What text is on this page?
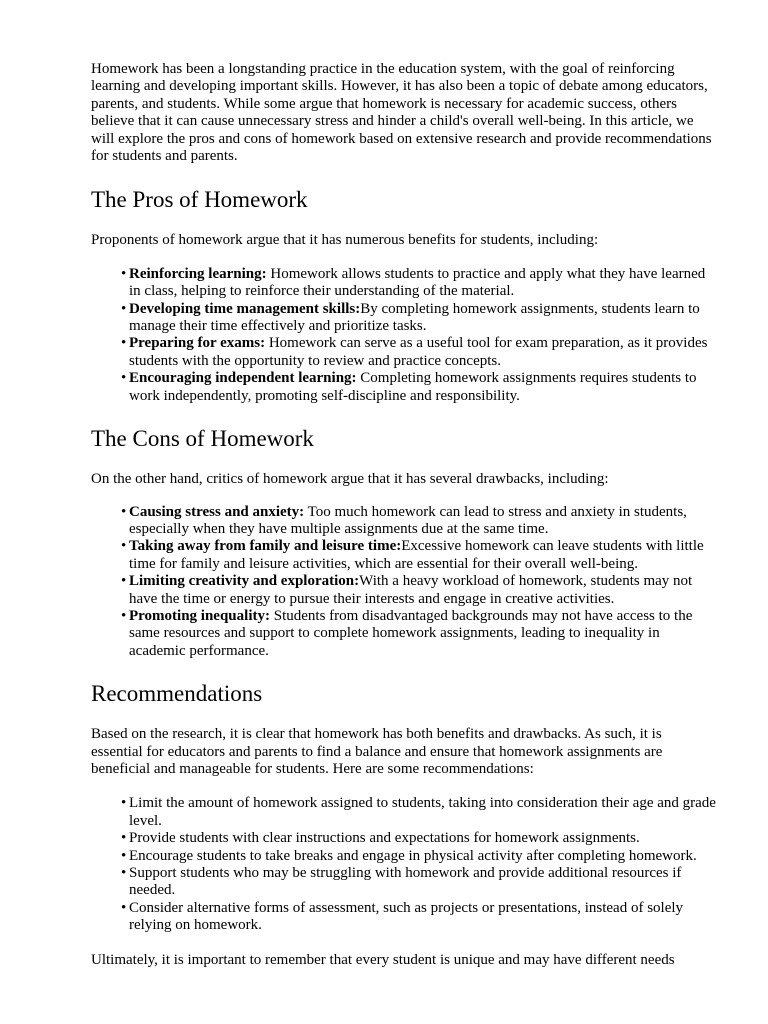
Homework has been a longstanding practice in the education system, with the goal of reinforcing learning and developing important skills. However, it has also been a topic of debate among educators, parents, and students. While some argue that homework is necessary for academic success, others believe that it can cause unnecessary stress and hinder a child's overall well-being. In this article, we will explore the pros and cons of homework based on extensive research and provide recommendations for students and parents.

The Pros of Homework

Proponents of homework argue that it has numerous benefits for students, including:

• Reinforcing learning: Homework allows students to practice and apply what they have learned in class, helping to reinforce their understanding of the material.
• Developing time management skills:By completing homework assignments, students learn to manage their time effectively and prioritize tasks.
• Preparing for exams: Homework can serve as a useful tool for exam preparation, as it provides students with the opportunity to review and practice concepts.
• Encouraging independent learning: Completing homework assignments requires students to work independently, promoting self-discipline and responsibility.
The Cons of Homework

On the other hand, critics of homework argue that it has several drawbacks, including:

• Causing stress and anxiety: Too much homework can lead to stress and anxiety in students, especially when they have multiple assignments due at the same time.
• Taking away from family and leisure time:Excessive homework can leave students with little time for family and leisure activities, which are essential for their overall well-being.
• Limiting creativity and exploration:With a heavy workload of homework, students may not have the time or energy to pursue their interests and engage in creative activities.
• Promoting inequality: Students from disadvantaged backgrounds may not have access to the same resources and support to complete homework assignments, leading to inequality in academic performance.
Recommendations

Based on the research, it is clear that homework has both benefits and drawbacks. As such, it is essential for educators and parents to find a balance and ensure that homework assignments are beneficial and manageable for students. Here are some recommendations:

• Limit the amount of homework assigned to students, taking into consideration their age and grade level.
• Provide students with clear instructions and expectations for homework assignments.
• Encourage students to take breaks and engage in physical activity after completing homework.
• Support students who may be struggling with homework and provide additional resources if needed.
• Consider alternative forms of assessment, such as projects or presentations, instead of solely relying on homework.

Ultimately, it is important to remember that every student is unique and may have different needs
